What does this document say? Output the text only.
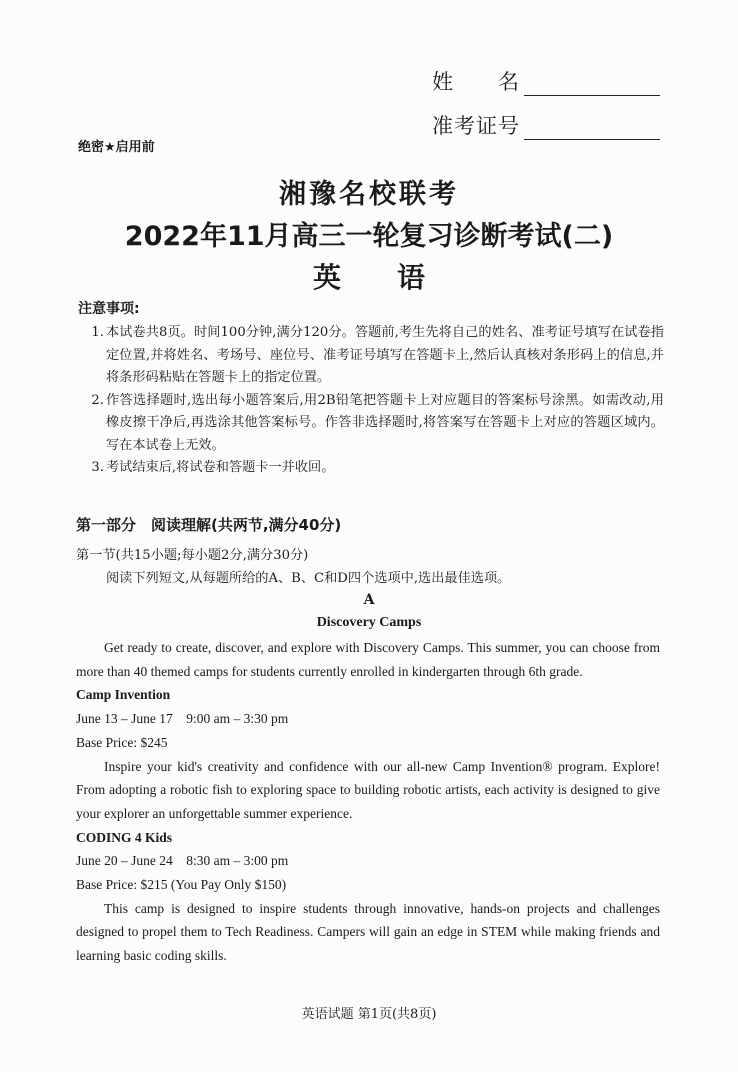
姓　　名
准考证号
绝密★启用前
湘豫名校联考
2022年11月高三一轮复习诊断考试(二)
英　　语
注意事项:
1. 本试卷共8页。时间100分钟,满分120分。答题前,考生先将自己的姓名、准考证号填写在试卷指定位置,并将姓名、考场号、座位号、准考证号填写在答题卡上,然后认真核对条形码上的信息,并将条形码粘贴在答题卡上的指定位置。
2. 作答选择题时,选出每小题答案后,用2B铅笔把答题卡上对应题目的答案标号涂黑。如需改动,用橡皮擦干净后,再选涂其他答案标号。作答非选择题时,将答案写在答题卡上对应的答题区域内。写在本试卷上无效。
3. 考试结束后,将试卷和答题卡一并收回。
第一部分　阅读理解(共两节,满分40分)
第一节(共15小题;每小题2分,满分30分)
阅读下列短文,从每题所给的A、B、C和D四个选项中,选出最佳选项。
A
Discovery Camps

Get ready to create, discover, and explore with Discovery Camps. This summer, you can choose from more than 40 themed camps for students currently enrolled in kindergarten through 6th grade.

Camp Invention

June 13 – June 17　9:00 am – 3:30 pm

Base Price: $245

Inspire your kid's creativity and confidence with our all-new Camp Invention® program. Explore! From adopting a robotic fish to exploring space to building robotic artists, each activity is designed to give your explorer an unforgettable summer experience.

CODING 4 Kids

June 20 – June 24　8:30 am – 3:00 pm

Base Price: $215 (You Pay Only $150)

This camp is designed to inspire students through innovative, hands-on projects and challenges designed to propel them to Tech Readiness. Campers will gain an edge in STEM while making friends and learning basic coding skills.

英语试题 第1页(共8页)
